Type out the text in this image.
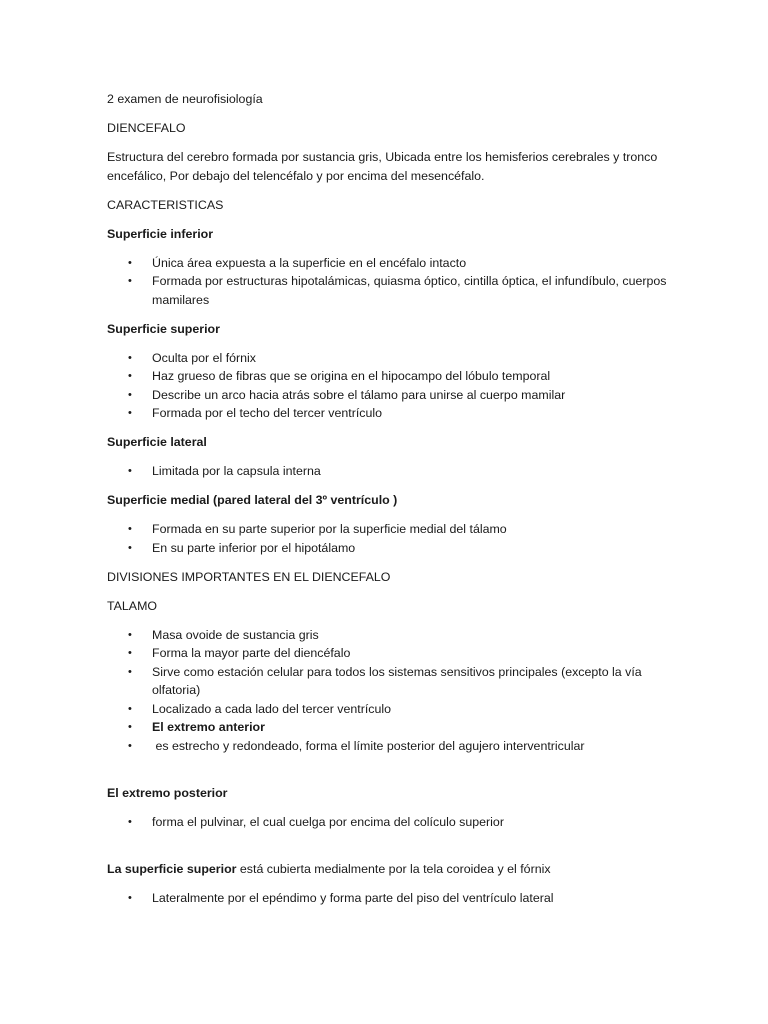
2 examen de neurofisiología

DIENCEFALO

Estructura del cerebro formada por sustancia gris, Ubicada entre los hemisferios cerebrales y tronco encefálico, Por debajo del telencéfalo y por encima del mesencéfalo.

CARACTERISTICAS

Superficie inferior

• Única área expuesta a la superficie en el encéfalo intacto
• Formada por estructuras hipotalámicas, quiasma óptico, cintilla óptica, el infundíbulo, cuerpos mamilares

Superficie superior

• Oculta por el fórnix
• Haz grueso de fibras que se origina en el hipocampo del lóbulo temporal
• Describe un arco hacia atrás sobre el tálamo para unirse al cuerpo mamilar
• Formada por el techo del tercer ventrículo

Superficie lateral

• Limitada por la capsula interna

Superficie medial (pared lateral del 3º ventrículo )

• Formada en su parte superior por la superficie medial del tálamo
• En su parte inferior por el hipotálamo

DIVISIONES IMPORTANTES EN EL DIENCEFALO

TALAMO

• Masa ovoide de sustancia gris
• Forma la mayor parte del diencéfalo
• Sirve como estación celular para todos los sistemas sensitivos principales (excepto la vía olfatoria)
• Localizado a cada lado del tercer ventrículo
• El extremo anterior
• es estrecho y redondeado, forma el límite posterior del agujero interventricular

El extremo posterior

• forma el pulvinar, el cual cuelga por encima del colículo superior

La superficie superior está cubierta medialmente por la tela coroidea y el fórnix

• Lateralmente por el epéndimo y forma parte del piso del ventrículo lateral
